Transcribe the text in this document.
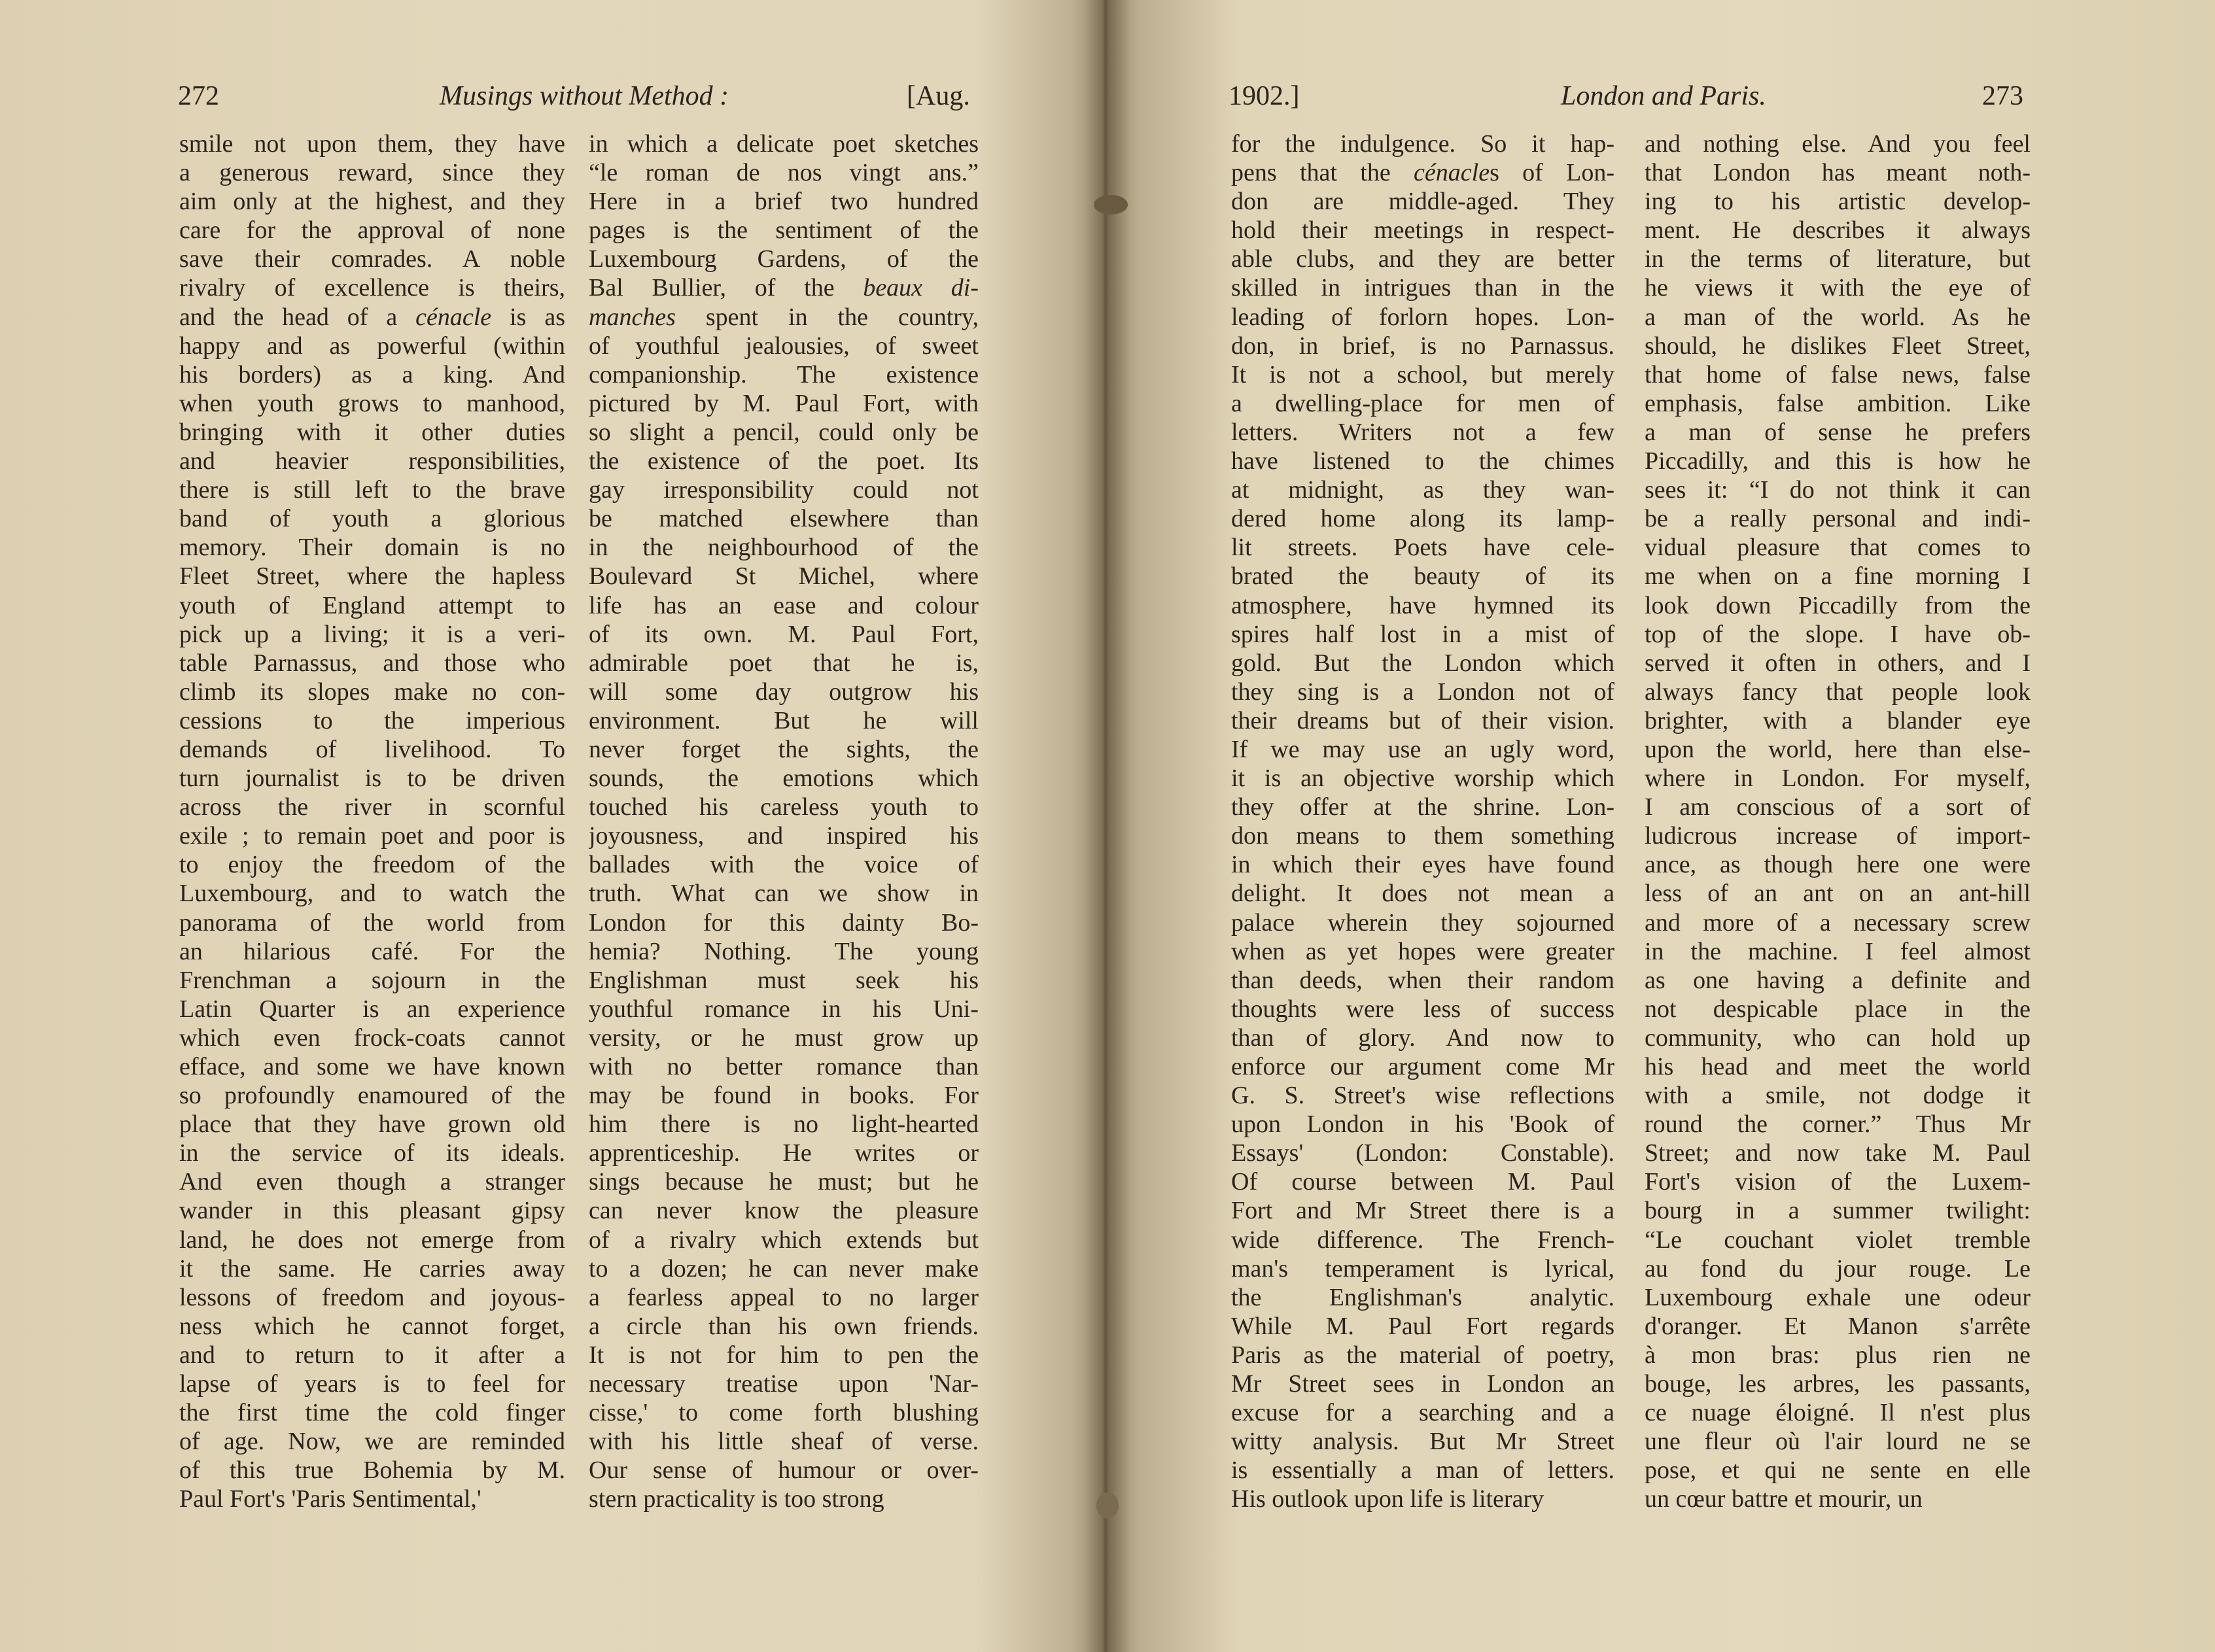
272	Musings without Method :	[Aug.
smile not upon them, they have
a generous reward, since they
aim only at the highest, and they
care for the approval of none
save their comrades. A noble
rivalry of excellence is theirs,
and the head of a cénacle is as
happy and as powerful (within
his borders) as a king. And
when youth grows to manhood,
bringing with it other duties
and heavier responsibilities,
there is still left to the brave
band of youth a glorious
memory. Their domain is no
Fleet Street, where the hapless
youth of England attempt to
pick up a living; it is a veri-
table Parnassus, and those who
climb its slopes make no con-
cessions to the imperious
demands of livelihood. To
turn journalist is to be driven
across the river in scornful
exile ; to remain poet and poor is
to enjoy the freedom of the
Luxembourg, and to watch the
panorama of the world from
an hilarious café. For the
Frenchman a sojourn in the
Latin Quarter is an experience
which even frock-coats cannot
efface, and some we have known
so profoundly enamoured of the
place that they have grown old
in the service of its ideals.
And even though a stranger
wander in this pleasant gipsy
land, he does not emerge from
it the same. He carries away
lessons of freedom and joyous-
ness which he cannot forget,
and to return to it after a
lapse of years is to feel for
the first time the cold finger
of age. Now, we are reminded
of this true Bohemia by M.
Paul Fort's 'Paris Sentimental,'
in which a delicate poet sketches
“le roman de nos vingt ans.”
Here in a brief two hundred
pages is the sentiment of the
Luxembourg Gardens, of the
Bal Bullier, of the beaux di-
manches spent in the country,
of youthful jealousies, of sweet
companionship. The existence
pictured by M. Paul Fort, with
so slight a pencil, could only be
the existence of the poet. Its
gay irresponsibility could not
be matched elsewhere than
in the neighbourhood of the
Boulevard St Michel, where
life has an ease and colour
of its own. M. Paul Fort,
admirable poet that he is,
will some day outgrow his
environment. But he will
never forget the sights, the
sounds, the emotions which
touched his careless youth to
joyousness, and inspired his
ballades with the voice of
truth. What can we show in
London for this dainty Bo-
hemia? Nothing. The young
Englishman must seek his
youthful romance in his Uni-
versity, or he must grow up
with no better romance than
may be found in books. For
him there is no light-hearted
apprenticeship. He writes or
sings because he must; but he
can never know the pleasure
of a rivalry which extends but
to a dozen; he can never make
a fearless appeal to no larger
a circle than his own friends.
It is not for him to pen the
necessary treatise upon 'Nar-
cisse,' to come forth blushing
with his little sheaf of verse.
Our sense of humour or over-
stern practicality is too strong
1902.]	London and Paris.	273
for the indulgence. So it hap-
pens that the cénacles of Lon-
don are middle-aged. They
hold their meetings in respect-
able clubs, and they are better
skilled in intrigues than in the
leading of forlorn hopes. Lon-
don, in brief, is no Parnassus.
It is not a school, but merely
a dwelling-place for men of
letters. Writers not a few
have listened to the chimes
at midnight, as they wan-
dered home along its lamp-
lit streets. Poets have cele-
brated the beauty of its
atmosphere, have hymned its
spires half lost in a mist of
gold. But the London which
they sing is a London not of
their dreams but of their vision.
If we may use an ugly word,
it is an objective worship which
they offer at the shrine. Lon-
don means to them something
in which their eyes have found
delight. It does not mean a
palace wherein they sojourned
when as yet hopes were greater
than deeds, when their random
thoughts were less of success
than of glory. And now to
enforce our argument come Mr
G. S. Street's wise reflections
upon London in his 'Book of
Essays' (London: Constable).
Of course between M. Paul
Fort and Mr Street there is a
wide difference. The French-
man's temperament is lyrical,
the Englishman's analytic.
While M. Paul Fort regards
Paris as the material of poetry,
Mr Street sees in London an
excuse for a searching and a
witty analysis. But Mr Street
is essentially a man of letters.
His outlook upon life is literary
and nothing else. And you feel
that London has meant noth-
ing to his artistic develop-
ment. He describes it always
in the terms of literature, but
he views it with the eye of
a man of the world. As he
should, he dislikes Fleet Street,
that home of false news, false
emphasis, false ambition. Like
a man of sense he prefers
Piccadilly, and this is how he
sees it: “I do not think it can
be a really personal and indi-
vidual pleasure that comes to
me when on a fine morning I
look down Piccadilly from the
top of the slope. I have ob-
served it often in others, and I
always fancy that people look
brighter, with a blander eye
upon the world, here than else-
where in London. For myself,
I am conscious of a sort of
ludicrous increase of import-
ance, as though here one were
less of an ant on an ant-hill
and more of a necessary screw
in the machine. I feel almost
as one having a definite and
not despicable place in the
community, who can hold up
his head and meet the world
with a smile, not dodge it
round the corner.” Thus Mr
Street; and now take M. Paul
Fort's vision of the Luxem-
bourg in a summer twilight:
“Le couchant violet tremble
au fond du jour rouge. Le
Luxembourg exhale une odeur
d'oranger. Et Manon s'arrête
à mon bras: plus rien ne
bouge, les arbres, les passants,
ce nuage éloigné. Il n'est plus
une fleur où l'air lourd ne se
pose, et qui ne sente en elle
un cœur battre et mourir, un
